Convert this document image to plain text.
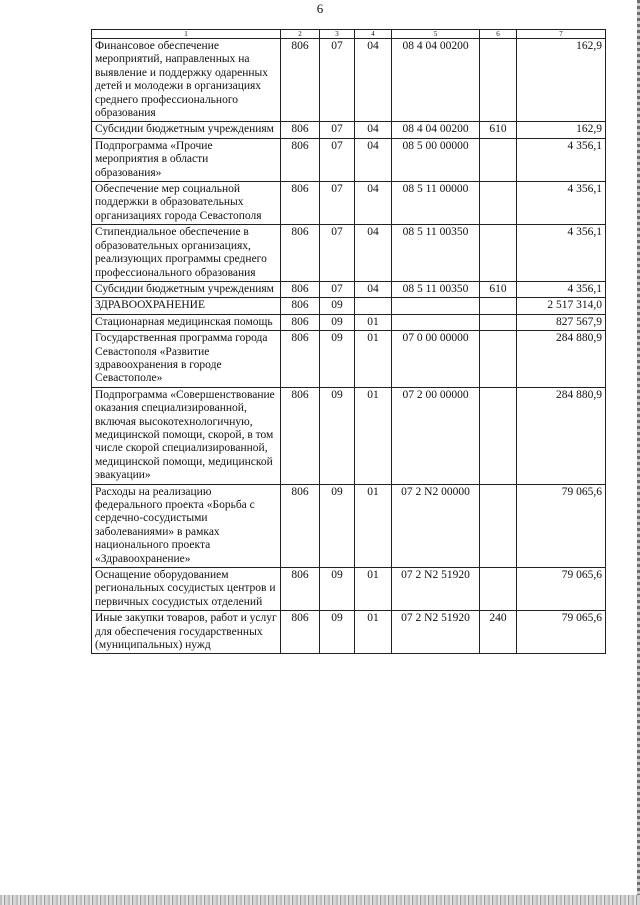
6
1	2	3	4	5	6	7
Финансовое обеспечение мероприятий, направленных на выявление и поддержку одаренных детей и молодежи в организациях среднего профессионального образования	806	07	04	08 4 04 00200		162,9
Субсидии бюджетным учреждениям	806	07	04	08 4 04 00200	610	162,9
Подпрограмма «Прочие мероприятия в области образования»	806	07	04	08 5 00 00000		4 356,1
Обеспечение мер социальной поддержки в образовательных организациях города Севастополя	806	07	04	08 5 11 00000		4 356,1
Стипендиальное обеспечение в образовательных организациях, реализующих программы среднего профессионального образования	806	07	04	08 5 11 00350		4 356,1
Субсидии бюджетным учреждениям	806	07	04	08 5 11 00350	610	4 356,1
ЗДРАВООХРАНЕНИЕ	806	09				2 517 314,0
Стационарная медицинская помощь	806	09	01			827 567,9
Государственная программа города Севастополя «Развитие здравоохранения в городе Севастополе»	806	09	01	07 0 00 00000		284 880,9
Подпрограмма «Совершенствование оказания специализированной, включая высокотехнологичную, медицинской помощи, скорой, в том числе скорой специализированной, медицинской помощи, медицинской эвакуации»	806	09	01	07 2 00 00000		284 880,9
Расходы на реализацию федерального проекта «Борьба с сердечно-сосудистыми заболеваниями» в рамках национального проекта «Здравоохранение»	806	09	01	07 2 N2 00000		79 065,6
Оснащение оборудованием региональных сосудистых центров и первичных сосудистых отделений	806	09	01	07 2 N2 51920		79 065,6
Иные закупки товаров, работ и услуг для обеспечения государственных (муниципальных) нужд	806	09	01	07 2 N2 51920	240	79 065,6
